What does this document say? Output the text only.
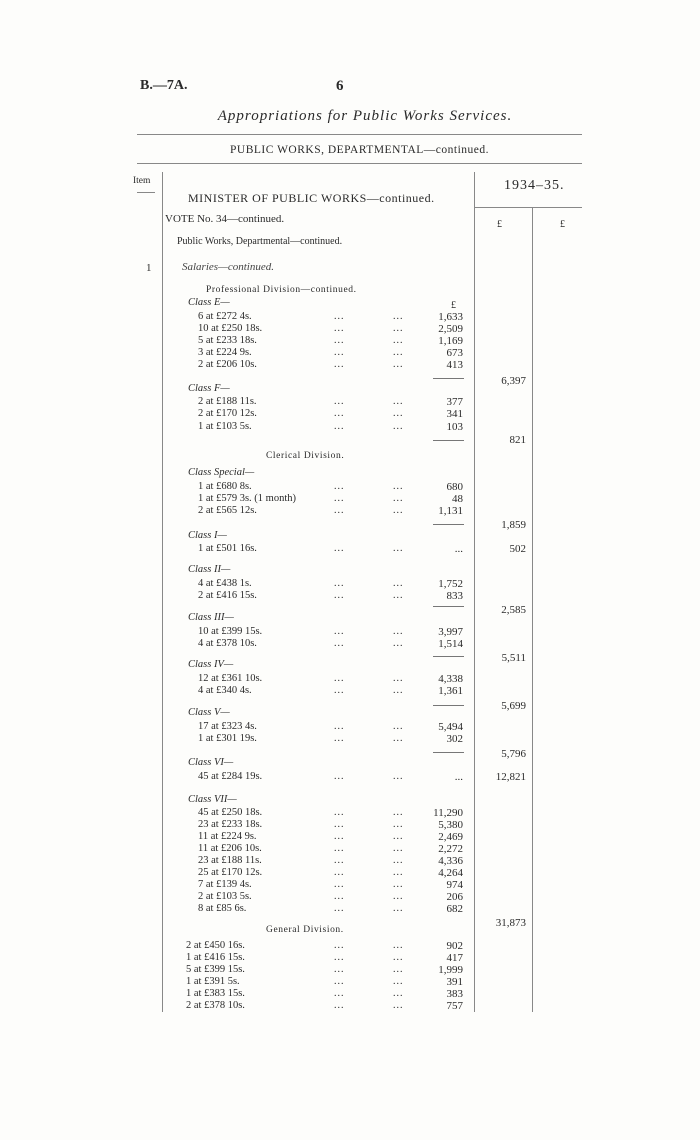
B.—7A.	6
Appropriations for Public Works Services.
PUBLIC WORKS, DEPARTMENTAL—continued.
Item	1934–35.
£	£
MINISTER OF PUBLIC WORKS—continued.
VOTE No. 34—continued.
Public Works, Departmental—continued.
1	Salaries—continued.
£
Professional Division—continued.
Class E—
6 at £272 4s.	...	...	1,633
10 at £250 18s.	...	...	2,509
5 at £233 18s.	...	...	1,169
3 at £224 9s.	...	...	673
2 at £206 10s.	...	...	413
6,397
Class F—
2 at £188 11s.	...	...	377
2 at £170 12s.	...	...	341
1 at £103 5s.	...	...	103
821
Clerical Division.
Class Special—
1 at £680 8s.	...	...	680
1 at £579 3s. (1 month)	...	...	48
2 at £565 12s.	...	...	1,131
1,859
Class I—
1 at £501 16s.	...	...	...	502
Class II—
4 at £438 1s.	...	...	1,752
2 at £416 15s.	...	...	833
2,585
Class III—
10 at £399 15s.	...	...	3,997
4 at £378 10s.	...	...	1,514
5,511
Class IV—
12 at £361 10s.	...	...	4,338
4 at £340 4s.	...	...	1,361
5,699
Class V—
17 at £323 4s.	...	...	5,494
1 at £301 19s.	...	...	302
5,796
Class VI—
45 at £284 19s.	...	...	...	12,821
Class VII—
45 at £250 18s.	...	...	11,290
23 at £233 18s.	...	...	5,380
11 at £224 9s.	...	...	2,469
11 at £206 10s.	...	...	2,272
23 at £188 11s.	...	...	4,336
25 at £170 12s.	...	...	4,264
7 at £139 4s.	...	...	974
2 at £103 5s.	...	...	206
8 at £85 6s.	...	...	682
31,873
General Division.
2 at £450 16s.	...	...	902
1 at £416 15s.	...	...	417
5 at £399 15s.	...	...	1,999
1 at £391 5s.	...	...	391
1 at £383 15s.	...	...	383
2 at £378 10s.	...	...	757
